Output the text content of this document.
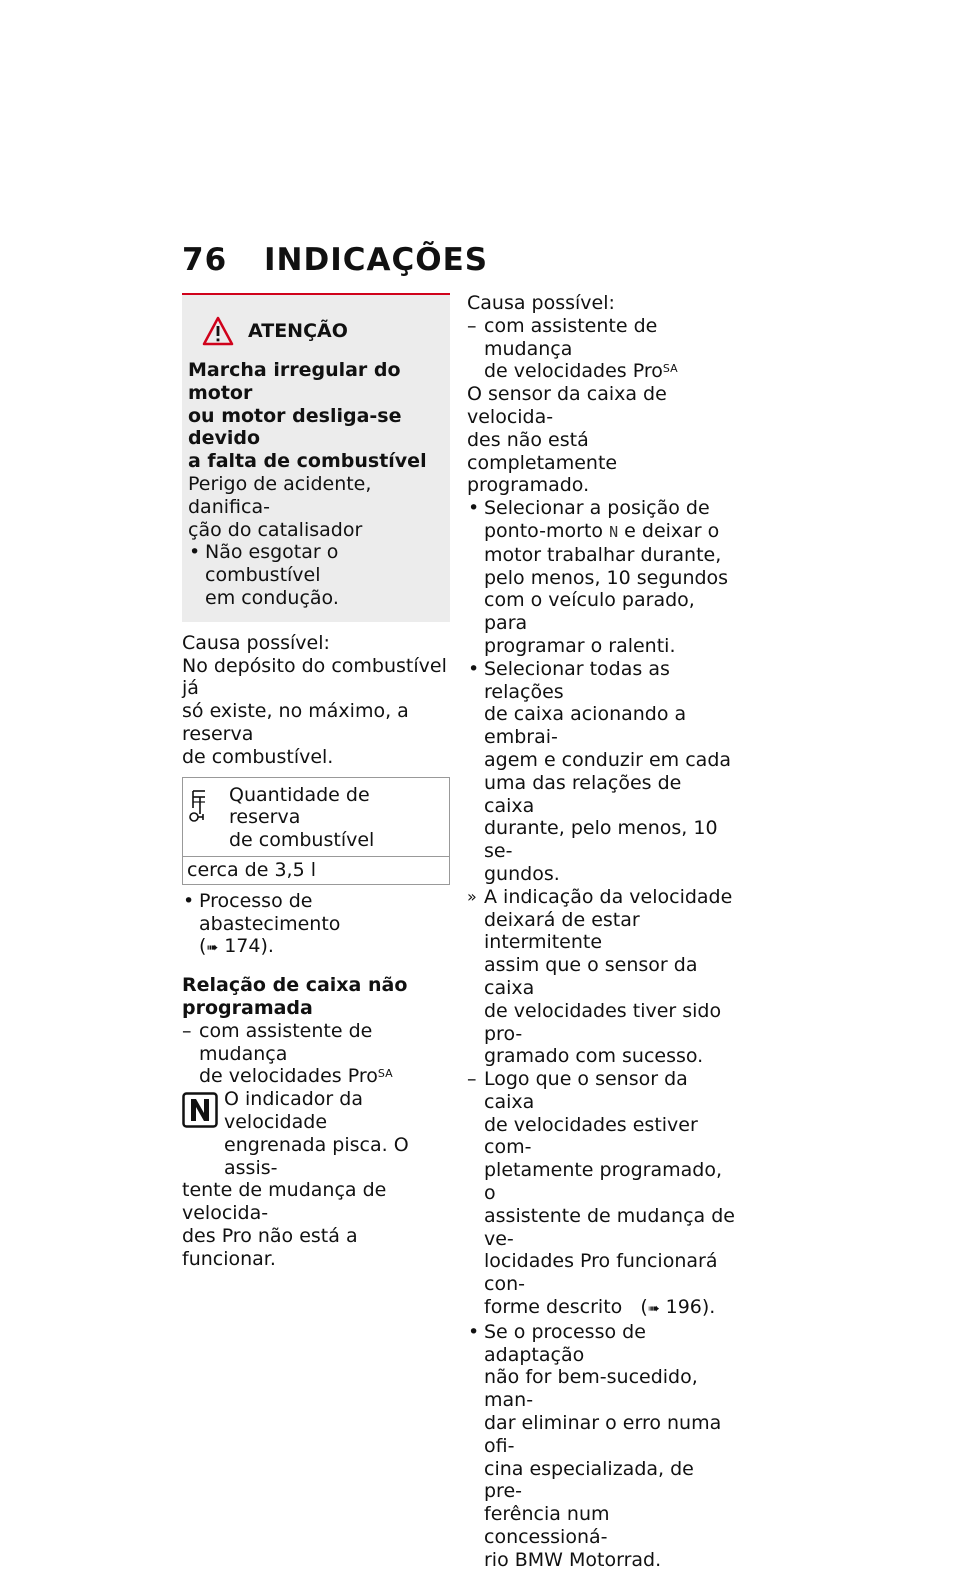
76 INDICAÇÕES
ATENÇÃO

Marcha irregular do motor
ou motor desliga-se devido
a falta de combustível

Perigo de acidente, danifica-
ção do catalisador

• Não esgotar o combustível
em condução.

Causa possível:
No depósito do combustível já
só existe, no máximo, a reserva
de combustível.

Quantidade de reserva
de combustível
cerca de 3,5 l

• Processo de abastecimento
(➠ 174).

Relação de caixa não
programada

– com assistente de mudança
de velocidades Pro$^{SA}$

O indicador da velocidade
engrenada pisca. O assis-

tente de mudança de velocida-
des Pro não está a funcionar.

Causa possível:

– com assistente de mudança
de velocidades Pro$^{SA}$

O sensor da caixa de velocida-
des não está completamente
programado.

• Selecionar a posição de
ponto-morto N e deixar o
motor trabalhar durante,
pelo menos, 10 segundos
com o veículo parado, para
programar o ralenti.

• Selecionar todas as relações
de caixa acionando a embrai-
agem e conduzir em cada
uma das relações de caixa
durante, pelo menos, 10 se-
gundos.

» A indicação da velocidade
deixará de estar intermitente
assim que o sensor da caixa
de velocidades tiver sido pro-
gramado com sucesso.

– Logo que o sensor da caixa
de velocidades estiver com-
pletamente programado, o
assistente de mudança de ve-
locidades Pro funcionará con-
forme descrito (➠ 196).

• Se o processo de adaptação
não for bem-sucedido, man-
dar eliminar o erro numa ofi-
cina especializada, de pre-
ferência num concessioná-
rio BMW Motorrad.
